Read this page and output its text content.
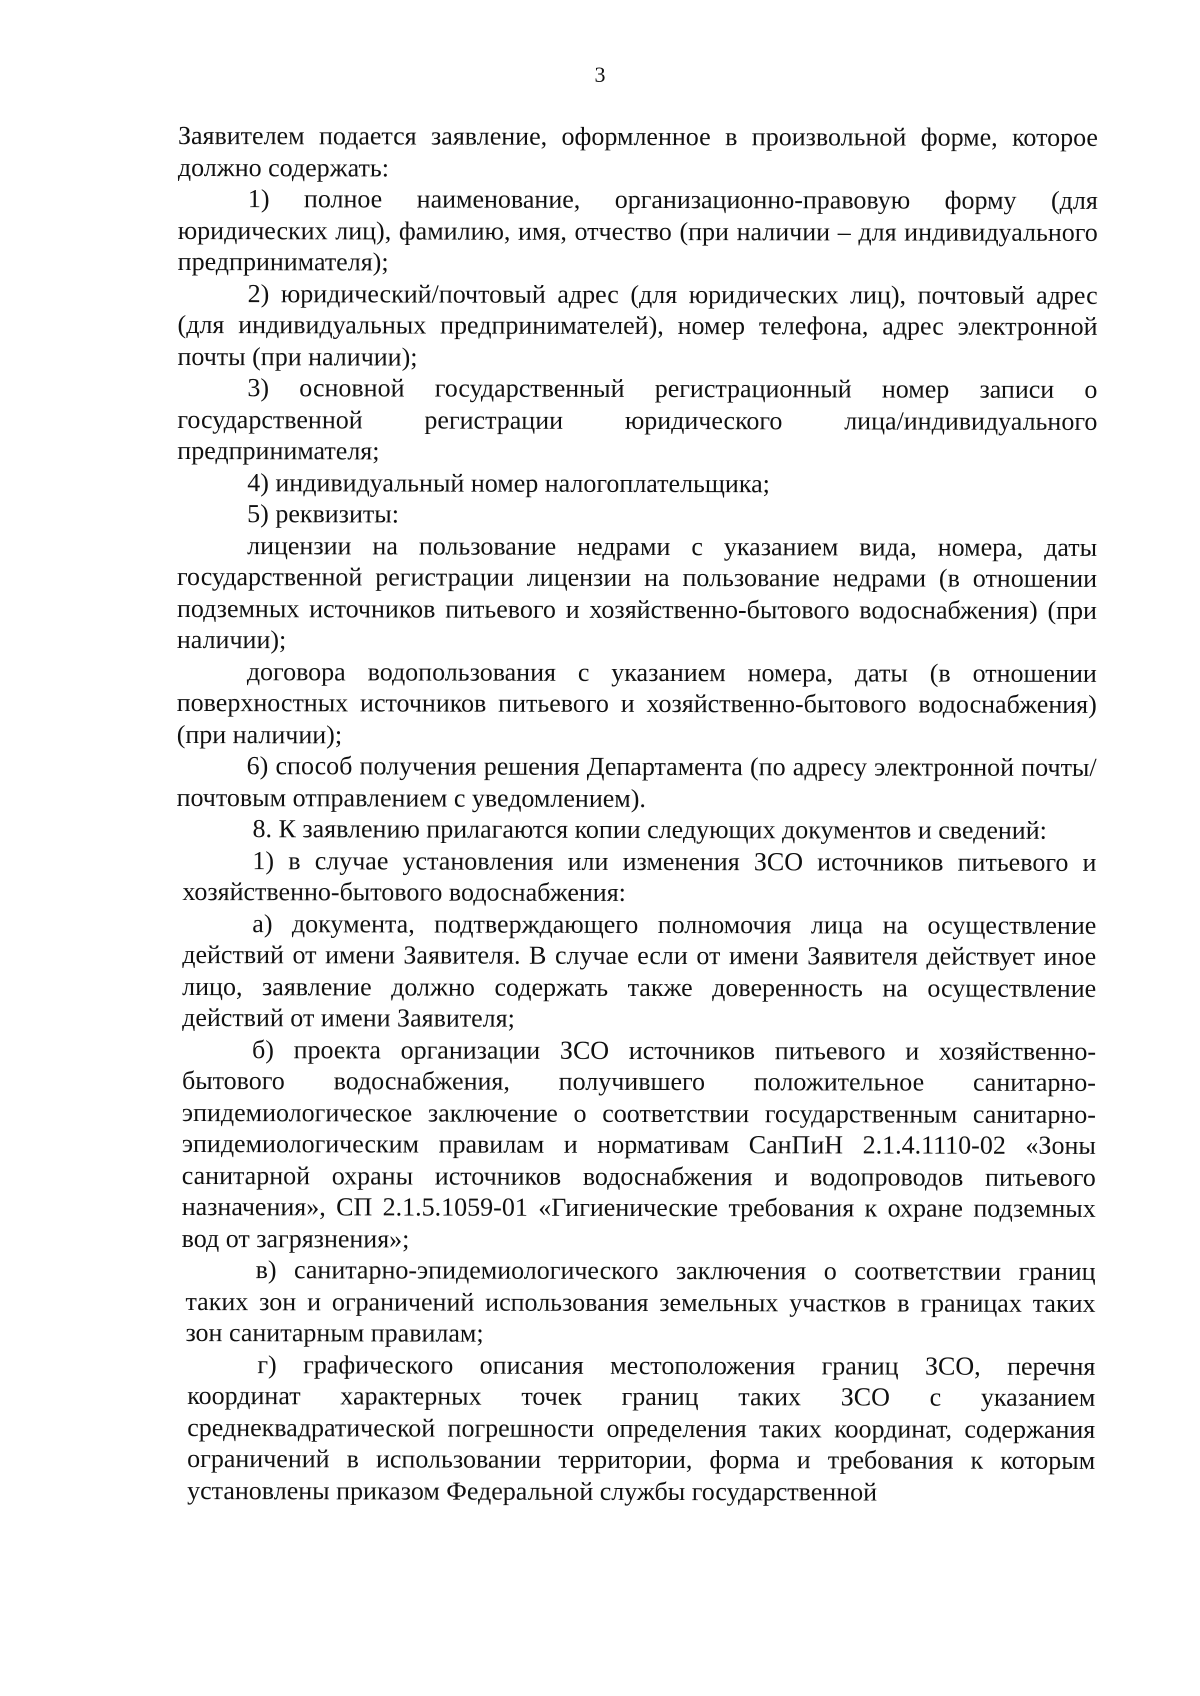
3

Заявителем подается заявление, оформленное в произвольной форме, которое должно содержать:

1) полное наименование, организационно-правовую форму (для юридических лиц), фамилию, имя, отчество (при наличии – для индивидуального предпринимателя);

2) юридический/почтовый адрес (для юридических лиц), почтовый адрес (для индивидуальных предпринимателей), номер телефона, адрес электронной почты (при наличии);

3) основной государственный регистрационный номер записи о государственной регистрации юридического лица/индивидуального предпринимателя;

4) индивидуальный номер налогоплательщика;

5) реквизиты:

лицензии на пользование недрами с указанием вида, номера, даты государственной регистрации лицензии на пользование недрами (в отношении подземных источников питьевого и хозяйственно-бытового водоснабжения) (при наличии);

договора водопользования с указанием номера, даты (в отношении поверхностных источников питьевого и хозяйственно-бытового водоснабжения) (при наличии);

6) способ получения решения Департамента (по адресу электронной почты/почтовым отправлением с уведомлением).

8. К заявлению прилагаются копии следующих документов и сведений:

1) в случае установления или изменения ЗСО источников питьевого и хозяйственно-бытового водоснабжения:

а) документа, подтверждающего полномочия лица на осуществление действий от имени Заявителя. В случае если от имени Заявителя действует иное лицо, заявление должно содержать также доверенность на осуществление действий от имени Заявителя;

б) проекта организации ЗСО источников питьевого и хозяйственно-бытового водоснабжения, получившего положительное санитарно-эпидемиологическое заключение о соответствии государственным санитарно-эпидемиологическим правилам и нормативам СанПиН 2.1.4.1110-02 «Зоны санитарной охраны источников водоснабжения и водопроводов питьевого назначения», СП 2.1.5.1059-01 «Гигиенические требования к охране подземных вод от загрязнения»;

в) санитарно-эпидемиологического заключения о соответствии границ таких зон и ограничений использования земельных участков в границах таких зон санитарным правилам;

г) графического описания местоположения границ ЗСО, перечня координат характерных точек границ таких ЗСО с указанием среднеквадратической погрешности определения таких координат, содержания ограничений в использовании территории, форма и требования к которым установлены приказом Федеральной службы государственной
